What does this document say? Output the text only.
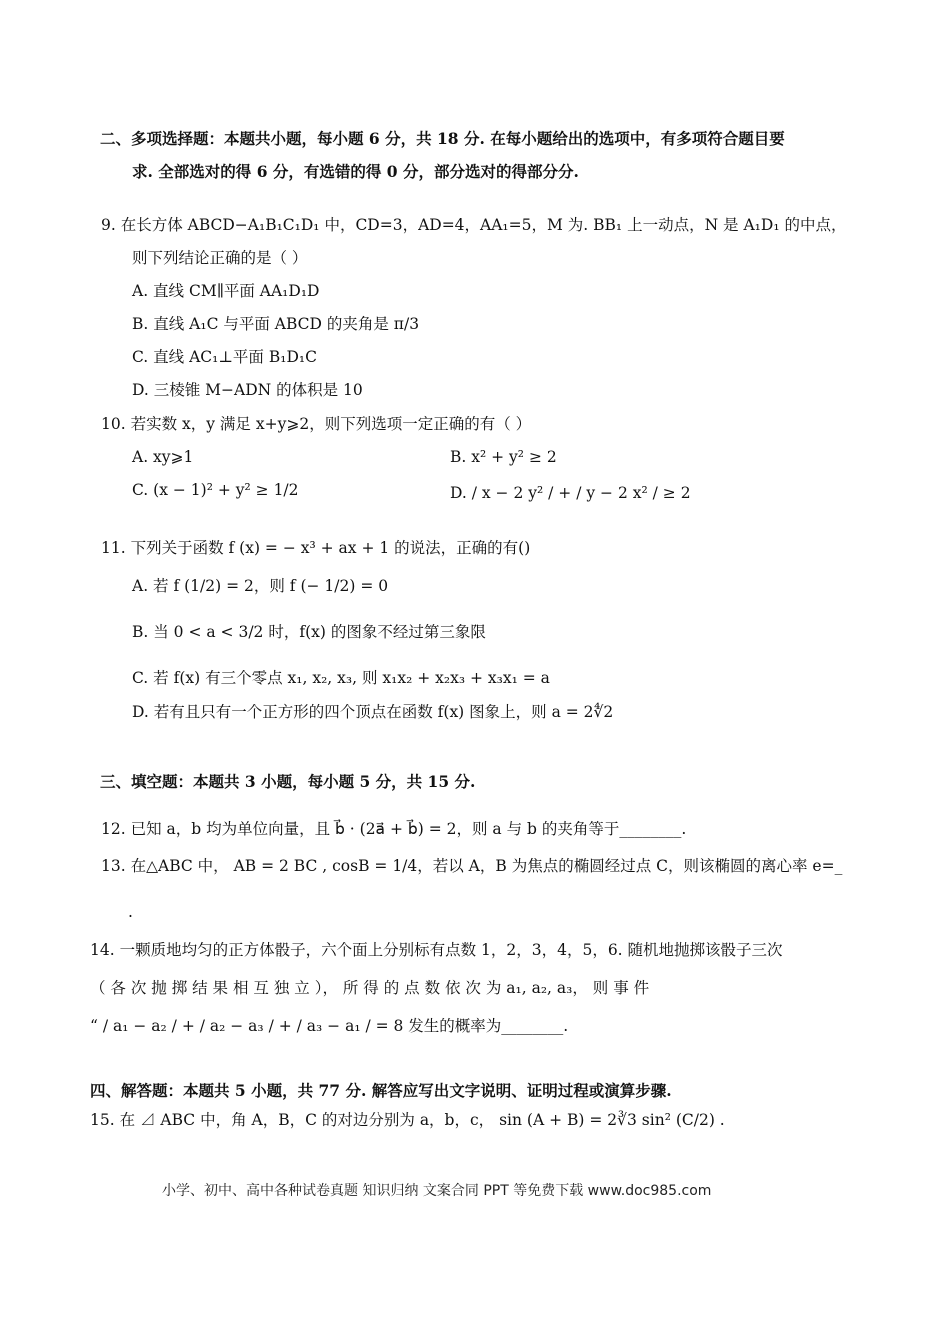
二、多项选择题：本题共小题，每小题 6 分，共 18 分. 在每小题给出的选项中，有多项符合题目要
求. 全部选对的得 6 分，有选错的得 0 分，部分选对的得部分分.
9. 在长方体 ABCD−A₁B₁C₁D₁ 中，CD=3，AD=4，AA₁=5，M 为. BB₁ 上一动点，N 是 A₁D₁ 的中点，
则下列结论正确的是（ ）
A. 直线 CM∥平面 AA₁D₁D
B. 直线 A₁C 与平面 ABCD 的夹角是 π/3
C. 直线 AC₁⊥平面 B₁D₁C
D. 三棱锥 M−ADN 的体积是 10
10. 若实数 x，y 满足 x+y⩾2，则下列选项一定正确的有（ ）
A. xy⩾1	B. x² + y² ≥ 2
C. (x − 1)² + y² ≥ 1/2	D. / x − 2 y² / + / y − 2 x² / ≥ 2
11. 下列关于函数 f (x) = − x³ + ax + 1 的说法，正确的有()
A. 若 f (1/2) = 2，则 f (− 1/2) = 0
B. 当 0 < a < 3/2 时，f(x) 的图象不经过第三象限
C. 若 f(x) 有三个零点 x₁, x₂, x₃, 则 x₁x₂ + x₂x₃ + x₃x₁ = a
D. 若有且只有一个正方形的四个顶点在函数 f(x) 图象上，则 a = 2∜2
三、填空题：本题共 3 小题，每小题 5 分，共 15 分.
12. 已知 a，b 均为单位向量，且 b⃗ · (2a⃗ + b⃗) = 2，则 a 与 b 的夹角等于________.
13. 在△ABC 中， AB = 2 BC , cosB = 1/4，若以 A，B 为焦点的椭圆经过点 C，则该椭圆的离心率 e=_
.
14. 一颗质地均匀的正方体骰子，六个面上分别标有点数 1，2，3，4，5，6. 随机地抛掷该骰子三次
（ 各 次 抛 掷 结 果 相 互 独 立 ）， 所 得 的 点 数 依 次 为 a₁, a₂, a₃， 则 事 件
“ / a₁ − a₂ / + / a₂ − a₃ / + / a₃ − a₁ / = 8 发生的概率为________.
四、解答题：本题共 5 小题，共 77 分. 解答应写出文字说明、证明过程或演算步骤.
15. 在 ⊿ ABC 中，角 A，B，C 的对边分别为 a，b，c， sin (A + B) = 2∛3 sin² (C/2) .
小学、初中、高中各种试卷真题 知识归纳 文案合同 PPT 等免费下载 www.doc985.com
